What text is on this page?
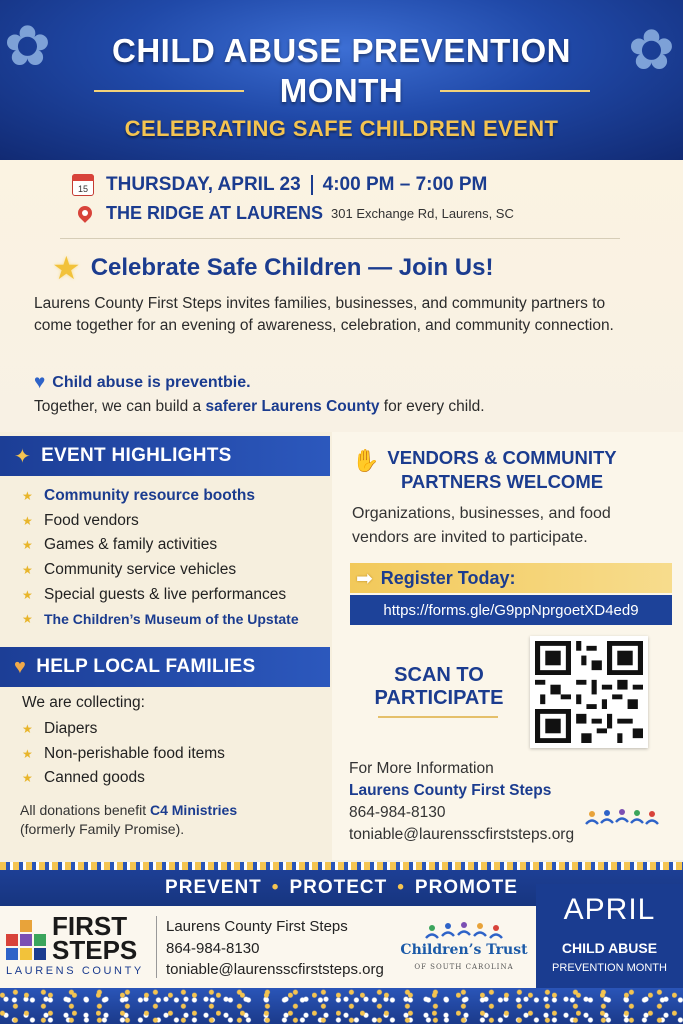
✿	✿
CHILD ABUSE PREVENTION
MONTH
CELEBRATING SAFE CHILDREN EVENT
15 THURSDAY, APRIL 23 4:00 PM – 7:00 PM
THE RIDGE AT LAURENS 301 Exchange Rd, Laurens, SC
★ Celebrate Safe Children — Join Us!
Laurens County First Steps invites families, businesses, and community partners to come together for an evening of awareness, celebration, and community connection.
♥ Child abuse is preventbie.
Together, we can build a saferer Laurens County for every child.
✦ EVENT HIGHLIGHTS
★ Community resource booths
★ Food vendors
★ Games & family activities
★ Community service vehicles
★ Special guests & live performances
★ The Children’s Museum of the Upstate
♥ HELP LOCAL FAMILIES
We are collecting:
★ Diapers
★ Non-perishable food items
★ Canned goods
All donations benefit C4 Ministries
(formerly Family Promise).
✋ VENDORS & COMMUNITY
PARTNERS WELCOME
Organizations, businesses, and food vendors are invited to participate.
➡ Register Today:
https://forms.gle/G9ppNprgoetXD4ed9
SCAN TO
PARTICIPATE
For More Information
Laurens County First Steps
864-984-8130
toniable@laurensscfirststeps.org
PREVENT • PROTECT • PROMOTE
FIRST
STEPS
LAURENS COUNTY
Laurens County First Steps
864-984-8130
toniable@laurensscfirststeps.org
Children’s Trust
OF SOUTH CAROLINA
APRIL
CHILD ABUSE
PREVENTION MONTH
